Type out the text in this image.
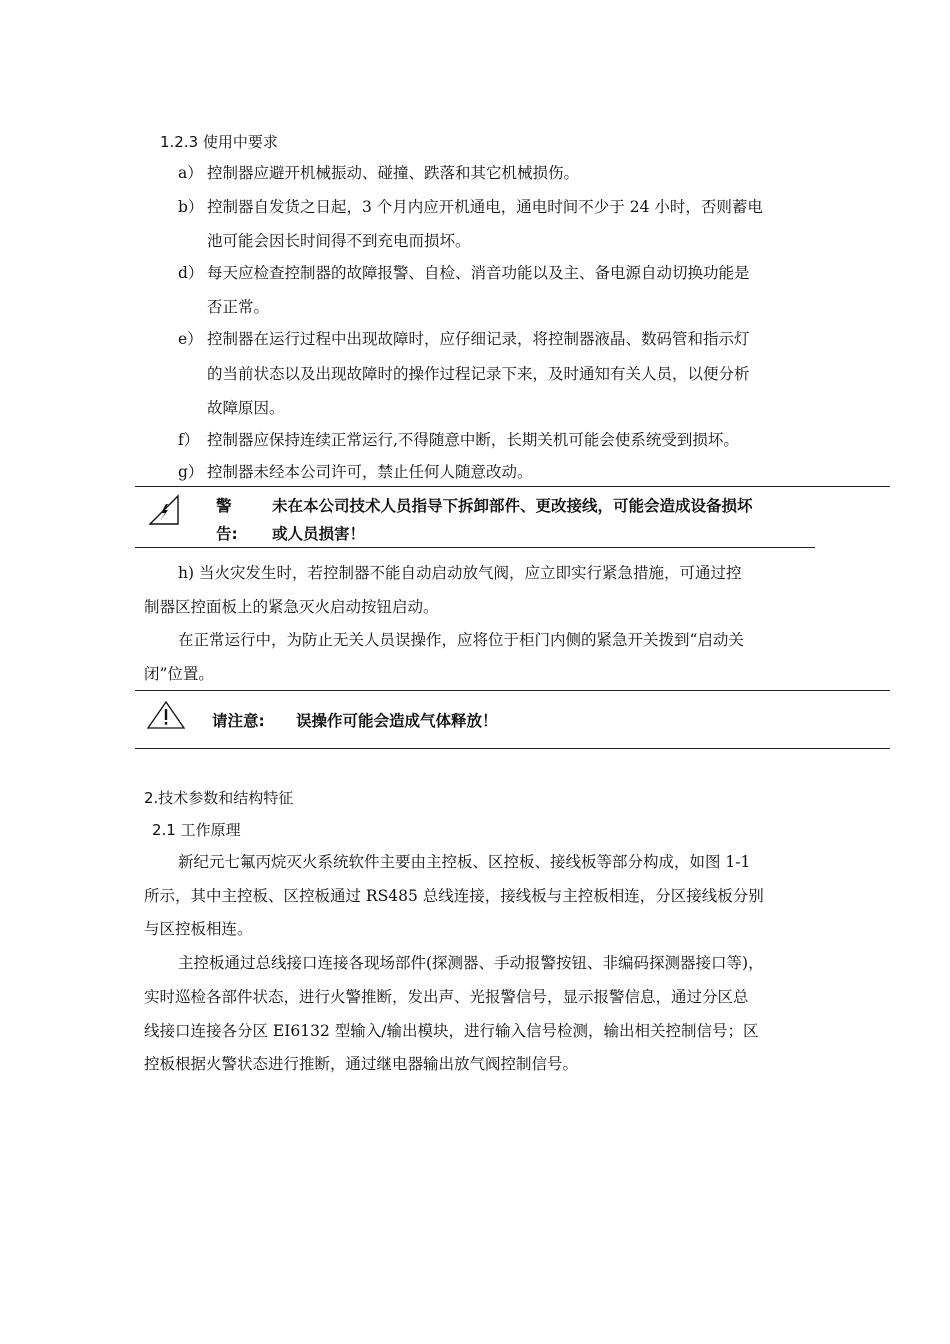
1.2.3 使用中要求
a） 控制器应避开机械振动、碰撞、跌落和其它机械损伤。
b） 控制器自发货之日起，3 个月内应开机通电，通电时间不少于 24 小时，否则蓄电
池可能会因长时间得不到充电而损坏。
d） 每天应检查控制器的故障报警、自检、消音功能以及主、备电源自动切换功能是
否正常。
e） 控制器在运行过程中出现故障时，应仔细记录，将控制器液晶、数码管和指示灯
的当前状态以及出现故障时的操作过程记录下来，及时通知有关人员，以便分析
故障原因。
f） 控制器应保持连续正常运行,不得随意中断，长期关机可能会使系统受到损坏。
g） 控制器未经本公司许可，禁止任何人随意改动。
警
告:
未在本公司技术人员指导下拆卸部件、更改接线，可能会造成设备损坏
或人员损害！
h) 当火灾发生时，若控制器不能自动启动放气阀，应立即实行紧急措施，可通过控
制器区控面板上的紧急灭火启动按钮启动。
在正常运行中，为防止无关人员误操作，应将位于柜门内侧的紧急开关拨到“启动关
闭”位置。
请注意: 误操作可能会造成气体释放！
2.技术参数和结构特征
2.1 工作原理
新纪元七氟丙烷灭火系统软件主要由主控板、区控板、接线板等部分构成，如图 1-1
所示，其中主控板、区控板通过 RS485 总线连接，接线板与主控板相连，分区接线板分别
与区控板相连。
主控板通过总线接口连接各现场部件(探测器、手动报警按钮、非编码探测器接口等)，
实时巡检各部件状态，进行火警推断，发出声、光报警信号，显示报警信息，通过分区总
线接口连接各分区 EI6132 型输入/输出模块，进行输入信号检测，输出相关控制信号；区
控板根据火警状态进行推断，通过继电器输出放气阀控制信号。
